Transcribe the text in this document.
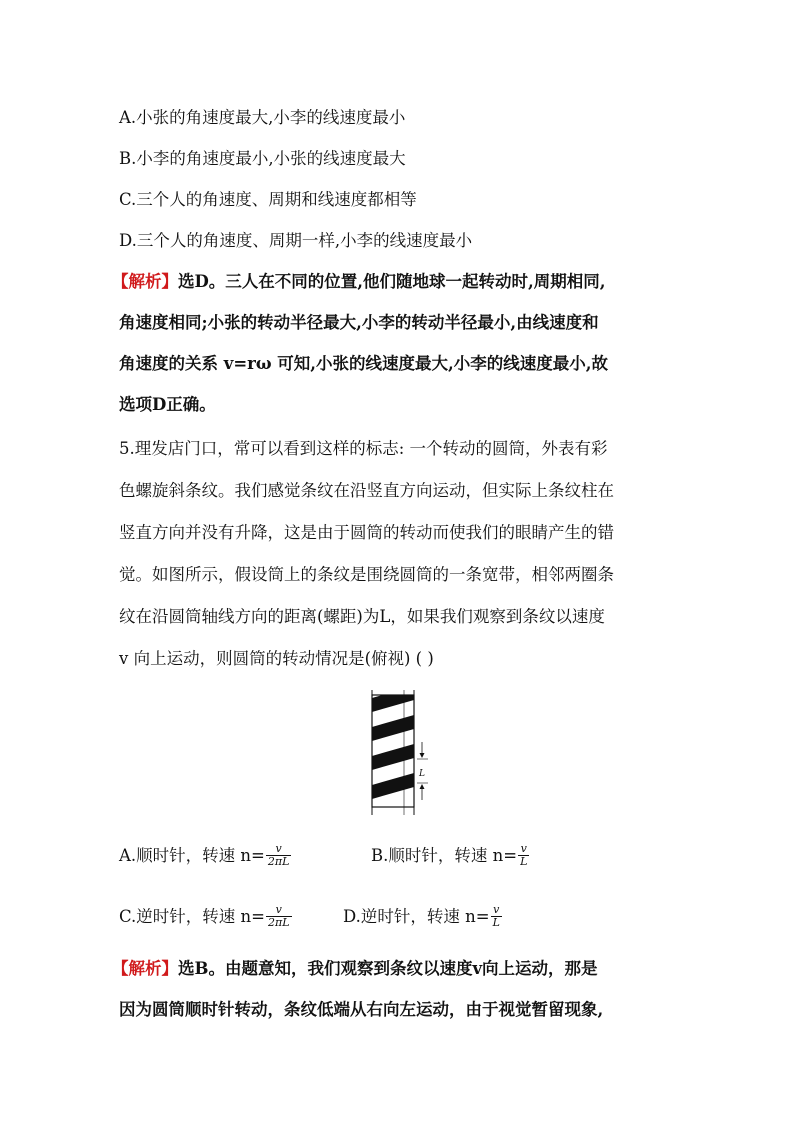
A.小张的角速度最大,小李的线速度最小
B.小李的角速度最小,小张的线速度最大
C.三个人的角速度、周期和线速度都相等
D.三个人的角速度、周期一样,小李的线速度最小
【解析】选D。三人在不同的位置,他们随地球一起转动时,周期相同,
角速度相同;小张的转动半径最大,小李的转动半径最小,由线速度和
角速度的关系 v=rω 可知,小张的线速度最大,小李的线速度最小,故
选项D正确。
5.理发店门口，常可以看到这样的标志: 一个转动的圆筒，外表有彩
色螺旋斜条纹。我们感觉条纹在沿竖直方向运动，但实际上条纹柱在
竖直方向并没有升降，这是由于圆筒的转动而使我们的眼睛产生的错
觉。如图所示，假设筒上的条纹是围绕圆筒的一条宽带，相邻两圈条
纹在沿圆筒轴线方向的距离(螺距)为L，如果我们观察到条纹以速度
v 向上运动，则圆筒的转动情况是(俯视) ( )
L
A.顺时针，转速 $n= \frac{v}{2\pi L}$	B.顺时针，转速 $n= \frac{v}{L}$
C.逆时针，转速 $n= \frac{v}{2\pi L}$	D.逆时针，转速 $n= \frac{v}{L}$
【解析】选B。由题意知，我们观察到条纹以速度v向上运动，那是
因为圆筒顺时针转动，条纹低端从右向左运动，由于视觉暂留现象,
